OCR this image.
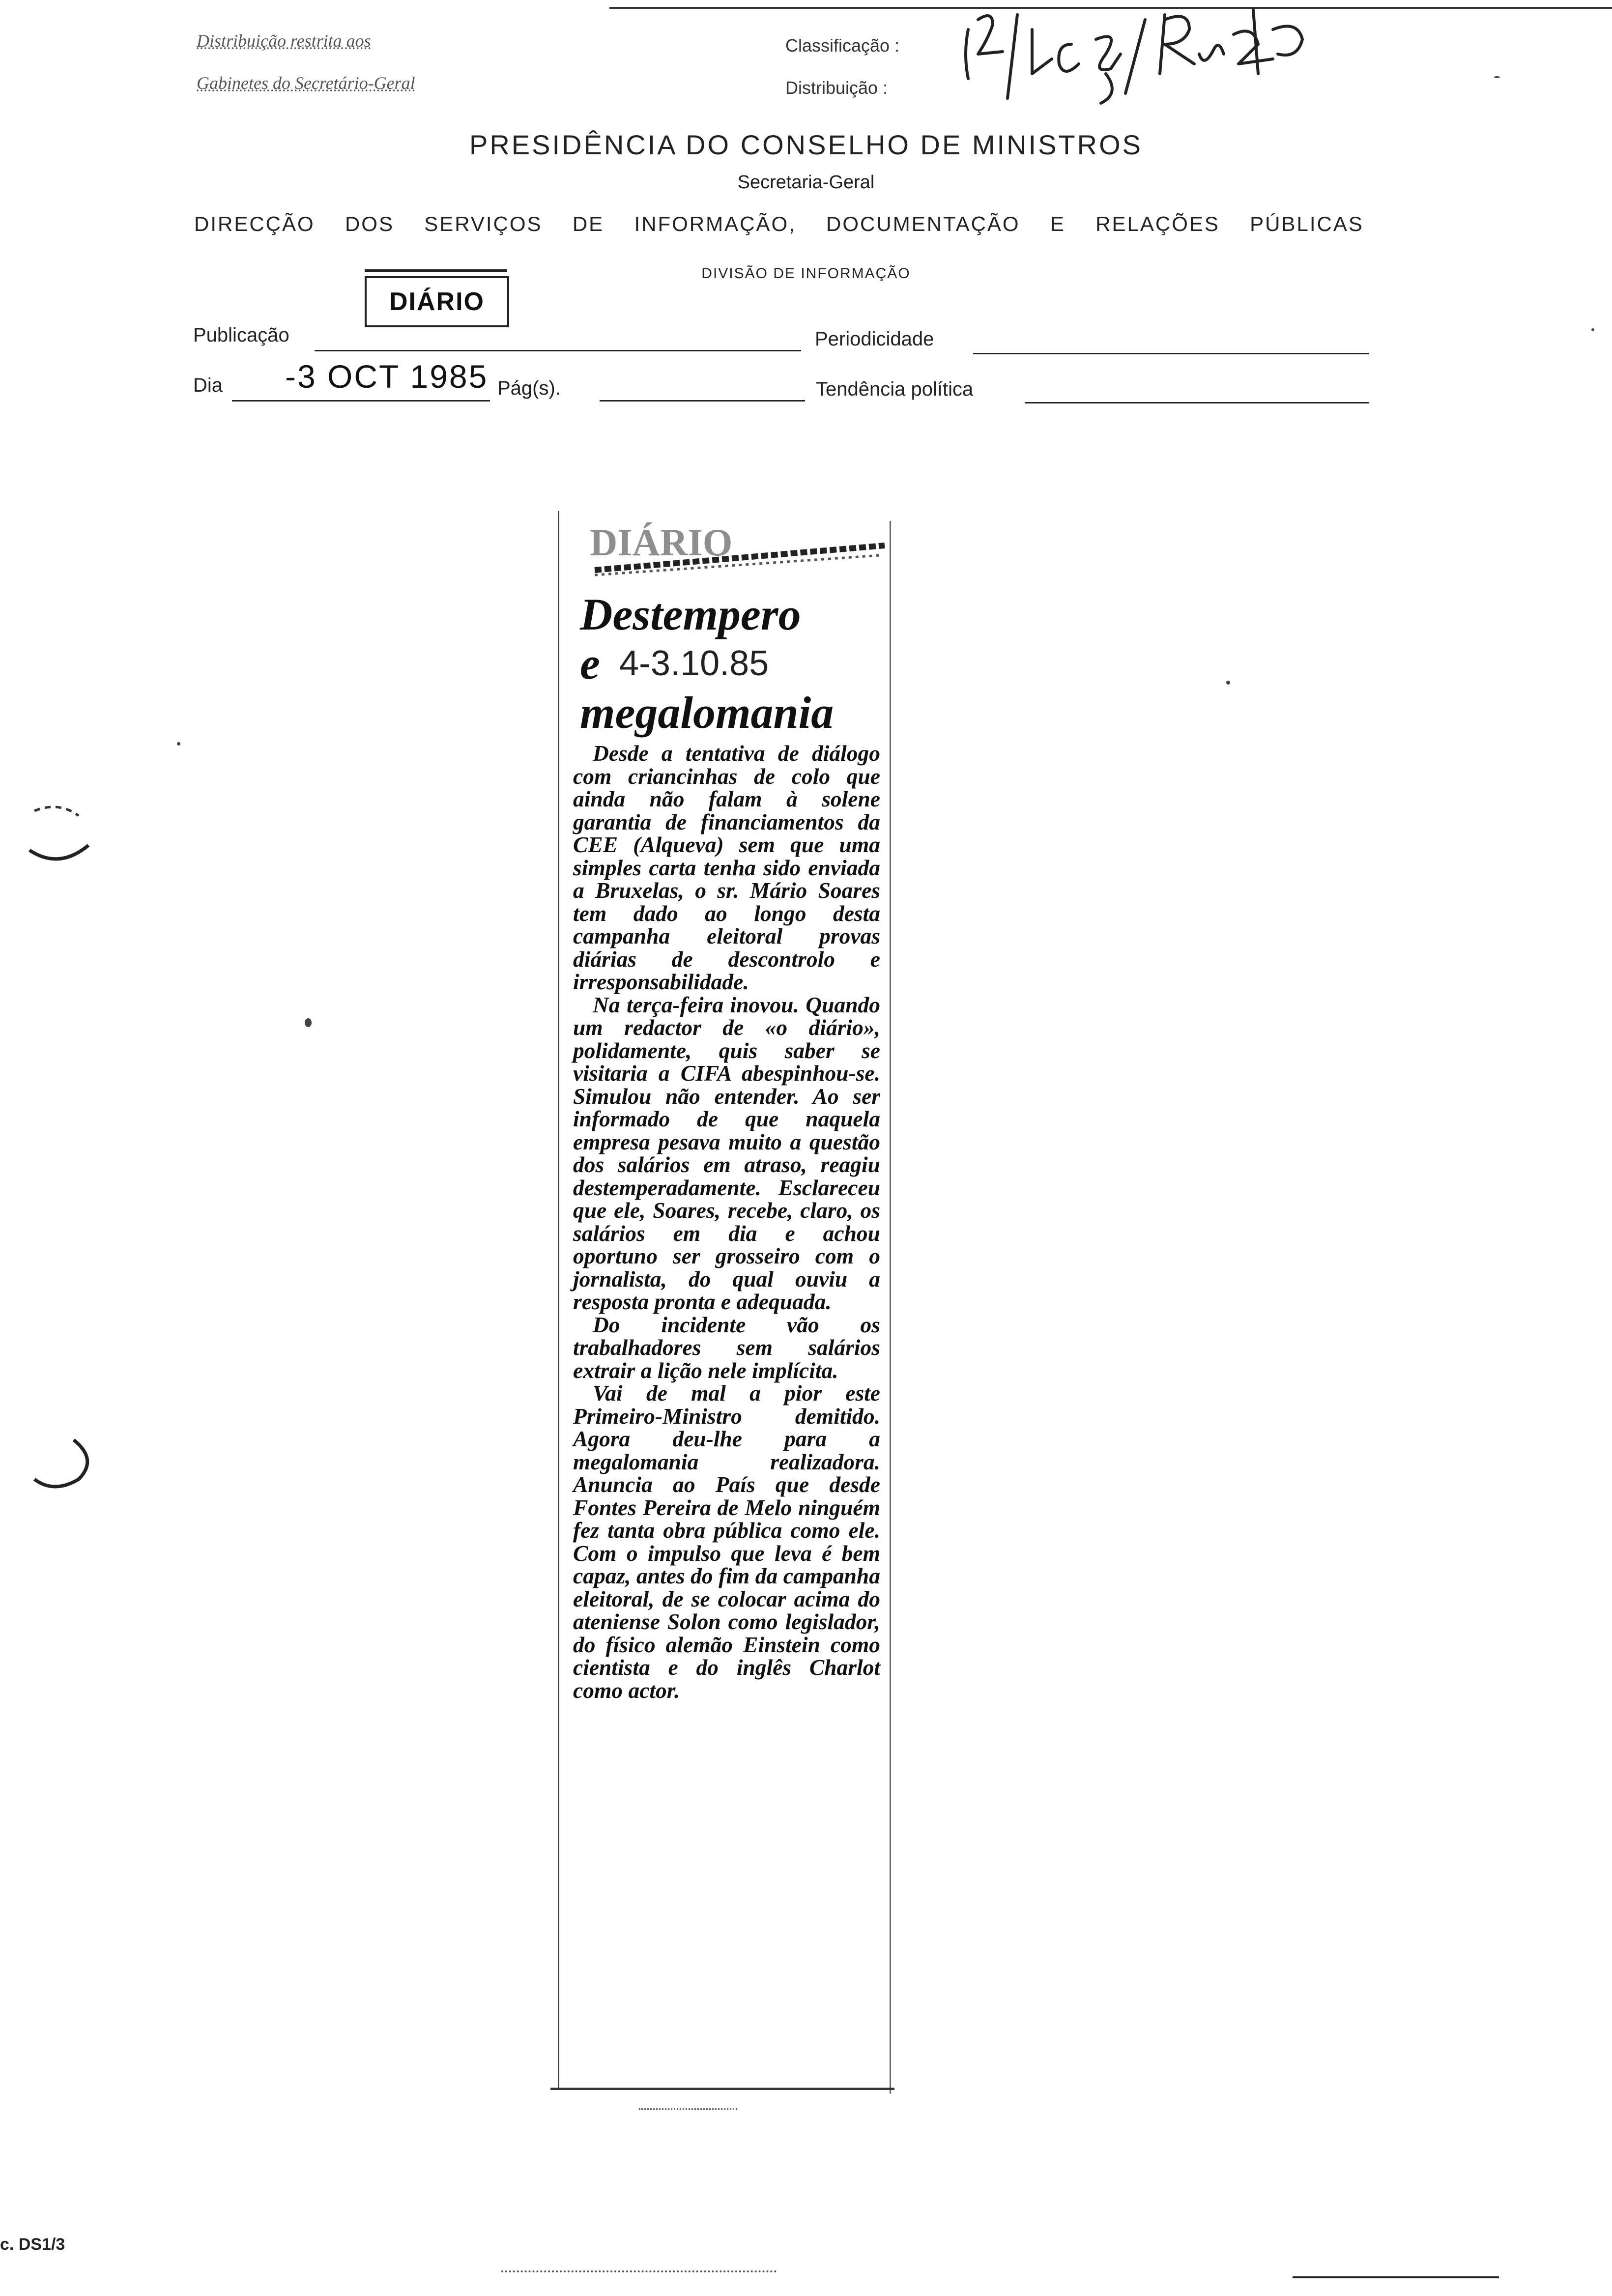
Distribuição restrita aos
Gabinetes do Secretário-Geral
Classificação :
Distribuição :
PRESIDÊNCIA DO CONSELHO DE MINISTROS
Secretaria-Geral
DIRECÇÃO DOS SERVIÇOS DE INFORMAÇÃO, DOCUMENTAÇÃO E RELAÇÕES PÚBLICAS
DIVISÃO DE INFORMAÇÃO
DIÁRIO
Publicação	Periodicidade
Dia -3 OCT 1985 Pág(s).	Tendência política
DIÁRIO
Destempero
e 4-3.10.85
megalomania

Desde a tentativa de diálogo com criancinhas de colo que ainda não falam à solene garantia de financiamentos da CEE (Alqueva) sem que uma simples carta tenha sido enviada a Bruxelas, o sr. Mário Soares tem dado ao longo desta campanha eleitoral provas diárias de descontrolo e irresponsabilidade.

Na terça-feira inovou. Quando um redactor de «o diário», polidamente, quis saber se visitaria a CIFA abespinhou-se. Simulou não entender. Ao ser informado de que naquela empresa pesava muito a questão dos salários em atraso, reagiu destemperadamente. Esclareceu que ele, Soares, recebe, claro, os salários em dia e achou oportuno ser grosseiro com o jornalista, do qual ouviu a resposta pronta e adequada.

Do incidente vão os trabalhadores sem salários extrair a lição nele implícita.

Vai de mal a pior este Primeiro-Ministro demitido. Agora deu-lhe para a megalomania realizadora. Anuncia ao País que desde Fontes Pereira de Melo ninguém fez tanta obra pública como ele. Com o impulso que leva é bem capaz, antes do fim da campanha eleitoral, de se colocar acima do ateniense Solon como legislador, do físico alemão Einstein como cientista e do inglês Charlot como actor.

c. DS1/3
